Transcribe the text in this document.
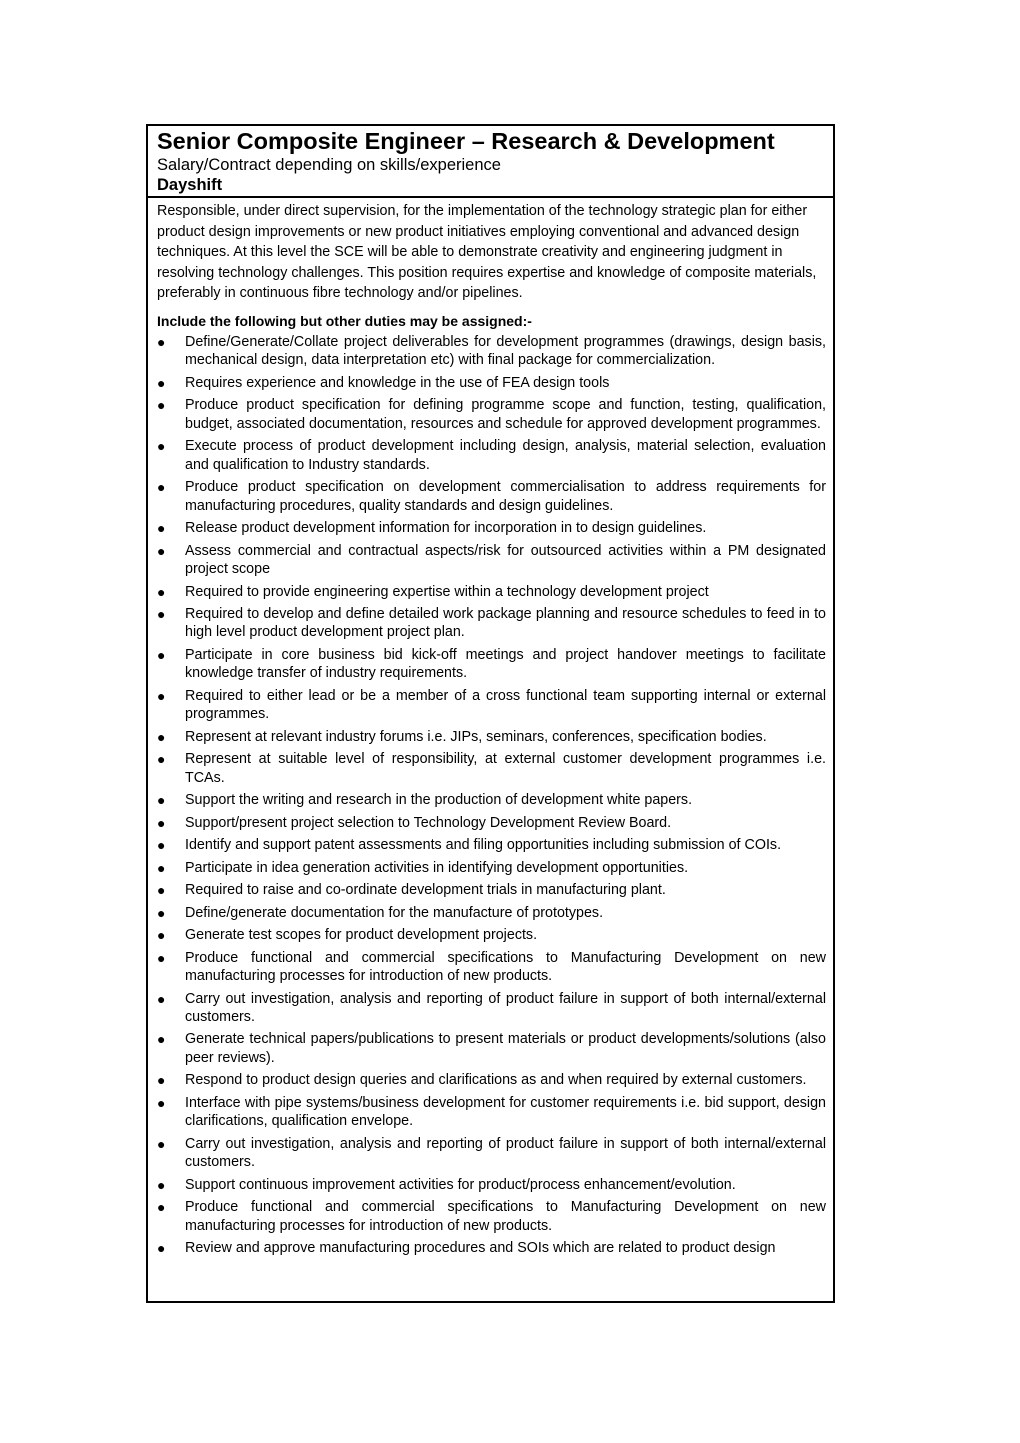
Senior Composite Engineer – Research & Development
Salary/Contract depending on skills/experience
Dayshift

Responsible, under direct supervision, for the implementation of the technology strategic plan for either product design improvements or new product initiatives employing conventional and advanced design techniques. At this level the SCE will be able to demonstrate creativity and engineering judgment in resolving technology challenges. This position requires expertise and knowledge of composite materials, preferably in continuous fibre technology and/or pipelines.

Include the following but other duties may be assigned:-
● Define/Generate/Collate project deliverables for development programmes (drawings, design basis, mechanical design, data interpretation etc) with final package for commercialization.
● Requires experience and knowledge in the use of FEA design tools
● Produce product specification for defining programme scope and function, testing, qualification, budget, associated documentation, resources and schedule for approved development programmes.
● Execute process of product development including design, analysis, material selection, evaluation and qualification to Industry standards.
● Produce product specification on development commercialisation to address requirements for manufacturing procedures, quality standards and design guidelines.
● Release product development information for incorporation in to design guidelines.
● Assess commercial and contractual aspects/risk for outsourced activities within a PM designated project scope
● Required to provide engineering expertise within a technology development project
● Required to develop and define detailed work package planning and resource schedules to feed in to high level product development project plan.
● Participate in core business bid kick-off meetings and project handover meetings to facilitate knowledge transfer of industry requirements.
● Required to either lead or be a member of a cross functional team supporting internal or external programmes.
● Represent at relevant industry forums i.e. JIPs, seminars, conferences, specification bodies.
● Represent at suitable level of responsibility, at external customer development programmes i.e. TCAs.
● Support the writing and research in the production of development white papers.
● Support/present project selection to Technology Development Review Board.
● Identify and support patent assessments and filing opportunities including submission of COIs.
● Participate in idea generation activities in identifying development opportunities.
● Required to raise and co-ordinate development trials in manufacturing plant.
● Define/generate documentation for the manufacture of prototypes.
● Generate test scopes for product development projects.
● Produce functional and commercial specifications to Manufacturing Development on new manufacturing processes for introduction of new products.
● Carry out investigation, analysis and reporting of product failure in support of both internal/external customers.
● Generate technical papers/publications to present materials or product developments/solutions (also peer reviews).
● Respond to product design queries and clarifications as and when required by external customers.
● Interface with pipe systems/business development for customer requirements i.e. bid support, design clarifications, qualification envelope.
● Carry out investigation, analysis and reporting of product failure in support of both internal/external customers.
● Support continuous improvement activities for product/process enhancement/evolution.
● Produce functional and commercial specifications to Manufacturing Development on new manufacturing processes for introduction of new products.
● Review and approve manufacturing procedures and SOIs which are related to product design
